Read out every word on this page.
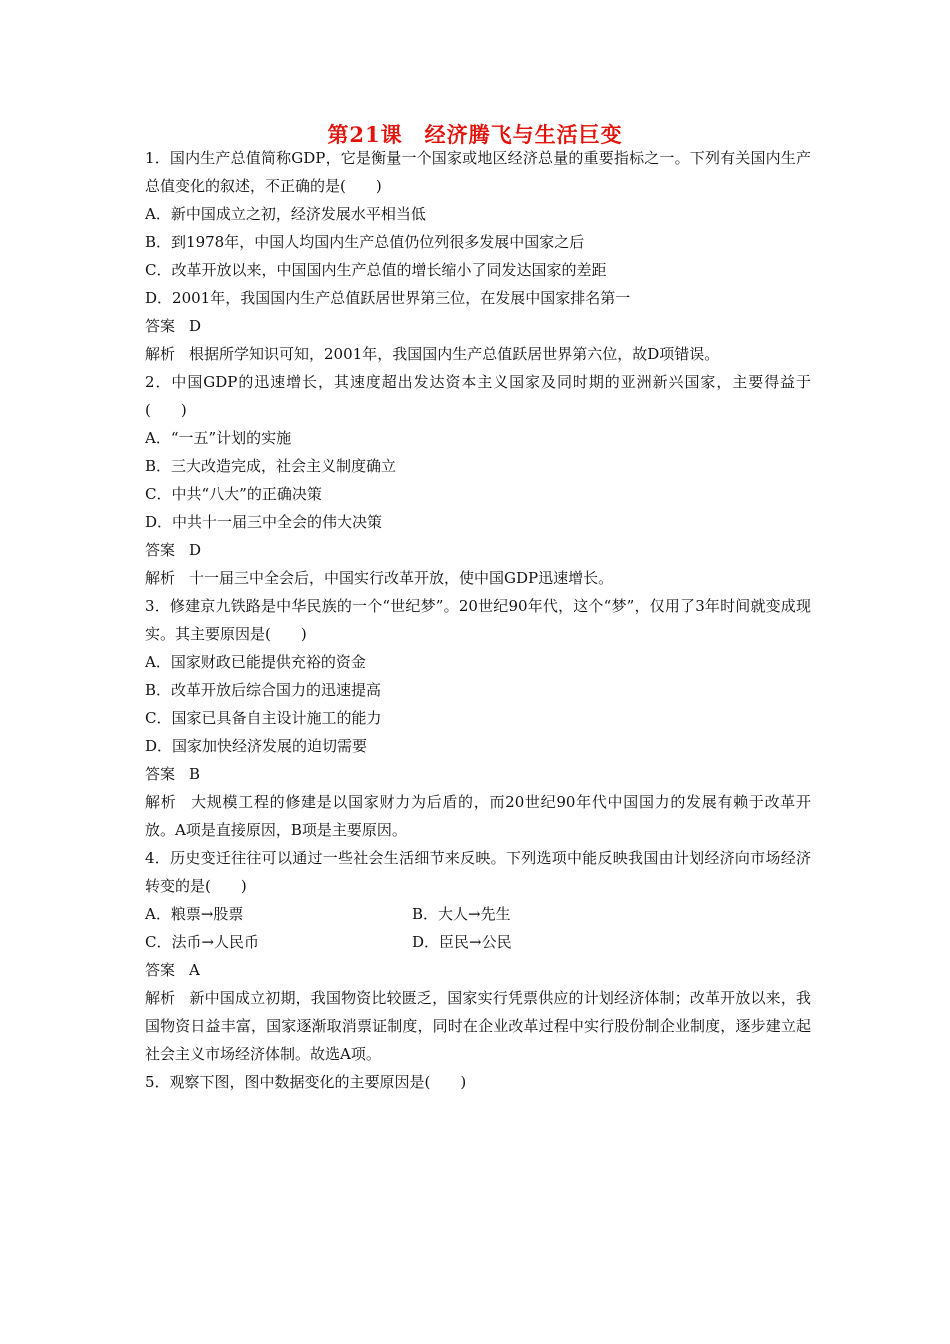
第21课　经济腾飞与生活巨变
1．国内生产总值简称GDP，它是衡量一个国家或地区经济总量的重要指标之一。下列有关国内生产总值变化的叙述，不正确的是(　　)
A．新中国成立之初，经济发展水平相当低
B．到1978年，中国人均国内生产总值仍位列很多发展中国家之后
C．改革开放以来，中国国内生产总值的增长缩小了同发达国家的差距
D．2001年，我国国内生产总值跃居世界第三位，在发展中国家排名第一
答案 D
解析 根据所学知识可知，2001年，我国国内生产总值跃居世界第六位，故D项错误。
2．中国GDP的迅速增长，其速度超出发达资本主义国家及同时期的亚洲新兴国家，主要得益于(　　)
A．“一五”计划的实施
B．三大改造完成，社会主义制度确立
C．中共“八大”的正确决策
D．中共十一届三中全会的伟大决策
答案 D
解析 十一届三中全会后，中国实行改革开放，使中国GDP迅速增长。
3．修建京九铁路是中华民族的一个“世纪梦”。20世纪90年代，这个“梦”，仅用了3年时间就变成现实。其主要原因是(　　)
A．国家财政已能提供充裕的资金
B．改革开放后综合国力的迅速提高
C．国家已具备自主设计施工的能力
D．国家加快经济发展的迫切需要
答案 B
解析 大规模工程的修建是以国家财力为后盾的，而20世纪90年代中国国力的发展有赖于改革开放。A项是直接原因，B项是主要原因。
4．历史变迁往往可以通过一些社会生活细节来反映。下列选项中能反映我国由计划经济向市场经济转变的是(　　)
A．粮票→股票	B．大人→先生
C．法币→人民币	D．臣民→公民
答案 A
解析 新中国成立初期，我国物资比较匮乏，国家实行凭票供应的计划经济体制；改革开放以来，我国物资日益丰富，国家逐渐取消票证制度，同时在企业改革过程中实行股份制企业制度，逐步建立起社会主义市场经济体制。故选A项。
5．观察下图，图中数据变化的主要原因是(　　)
